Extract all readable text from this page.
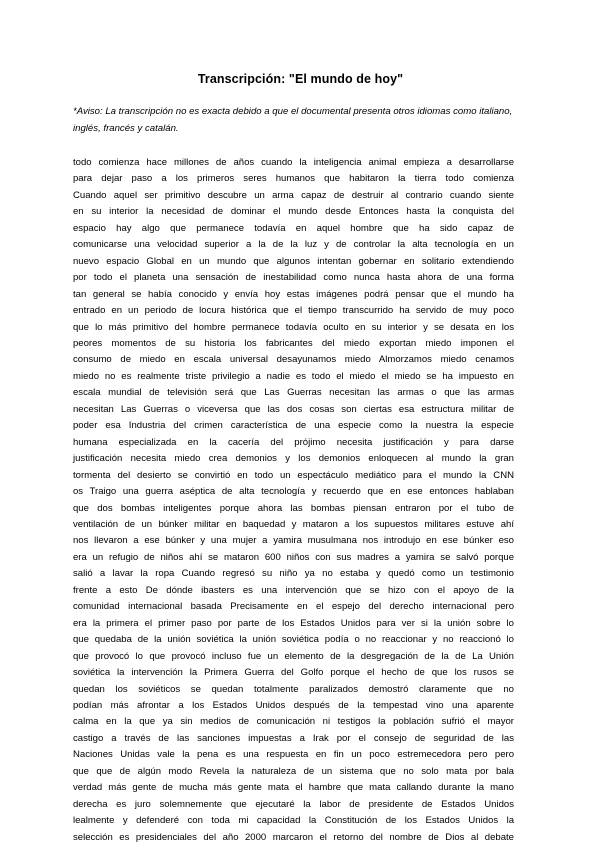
Transcripción: "El mundo de hoy"

*Aviso: La transcripción no es exacta debido a que el documental presenta otros idiomas como italiano, inglés, francés y catalán.

todo comienza hace millones de años cuando la inteligencia animal empieza a desarrollarse
para dejar paso a los primeros seres humanos que habitaron la tierra todo comienza
Cuando aquel ser primitivo descubre un arma capaz de destruir al contrario cuando siente
en su interior la necesidad de dominar el mundo desde Entonces hasta la conquista del
espacio hay algo que permanece todavía en aquel hombre que ha sido capaz de
comunicarse una velocidad superior a la de la luz y de controlar la alta tecnología en un
nuevo espacio Global en un mundo que algunos intentan gobernar en solitario extendiendo
por todo el planeta una sensación de inestabilidad como nunca hasta ahora de una forma
tan general se había conocido y envía hoy estas imágenes podrá pensar que el mundo ha
entrado en un periodo de locura histórica que el tiempo transcurrido ha servido de muy poco
que lo más primitivo del hombre permanece todavía oculto en su interior y se desata en los
peores momentos de su historia los fabricantes del miedo exportan miedo imponen el
consumo de miedo en escala universal desayunamos miedo Almorzamos miedo cenamos
miedo no es realmente triste privilegio a nadie es todo el miedo el miedo se ha impuesto en
escala mundial de televisión será que Las Guerras necesitan las armas o que las armas
necesitan Las Guerras o viceversa que las dos cosas son ciertas esa estructura militar de
poder esa Industria del crimen característica de una especie como la nuestra la especie
humana especializada en la cacería del prójimo necesita justificación y para darse
justificación necesita miedo crea demonios y los demonios enloquecen al mundo la gran
tormenta del desierto se convirtió en todo un espectáculo mediático para el mundo la CNN
os Traigo una guerra aséptica de alta tecnología y recuerdo que en ese entonces hablaban
que dos bombas inteligentes porque ahora las bombas piensan entraron por el tubo de
ventilación de un búnker militar en baquedad y mataron a los supuestos militares estuve ahí
nos llevaron a ese búnker y una mujer a yamira musulmana nos introdujo en ese búnker eso
era un refugio de niños ahí se mataron 600 niños con sus madres a yamira se salvó porque
salió a lavar la ropa Cuando regresó su niño ya no estaba y quedó como un testimonio
frente a esto De dónde ibasters es una intervención que se hizo con el apoyo de la
comunidad internacional basada Precisamente en el espejo del derecho internacional pero
era la primera el primer paso por parte de los Estados Unidos para ver si la unión sobre lo
que quedaba de la unión soviética la unión soviética podía o no reaccionar y no reaccionó lo
que provocó lo que provocó incluso fue un elemento de la desgregación de la de La Unión
soviética la intervención la Primera Guerra del Golfo porque el hecho de que los rusos se
quedan los soviéticos se quedan totalmente paralizados demostró claramente que no
podían más afrontar a los Estados Unidos después de la tempestad vino una aparente
calma en la que ya sin medios de comunicación ni testigos la población sufrió el mayor
castigo a través de las sanciones impuestas a Irak por el consejo de seguridad de las
Naciones Unidas vale la pena es una respuesta en fin un poco estremecedora pero pero
que que de algún modo Revela la naturaleza de un sistema que no solo mata por bala
verdad más gente de mucha más gente mata el hambre que mata callando durante la mano
derecha es juro solemnemente que ejecutaré la labor de presidente de Estados Unidos
lealmente y defenderé con toda mi capacidad la Constitución de los Estados Unidos la
selección es presidenciales del año 2000 marcaron el retorno del nombre de Dios al debate
